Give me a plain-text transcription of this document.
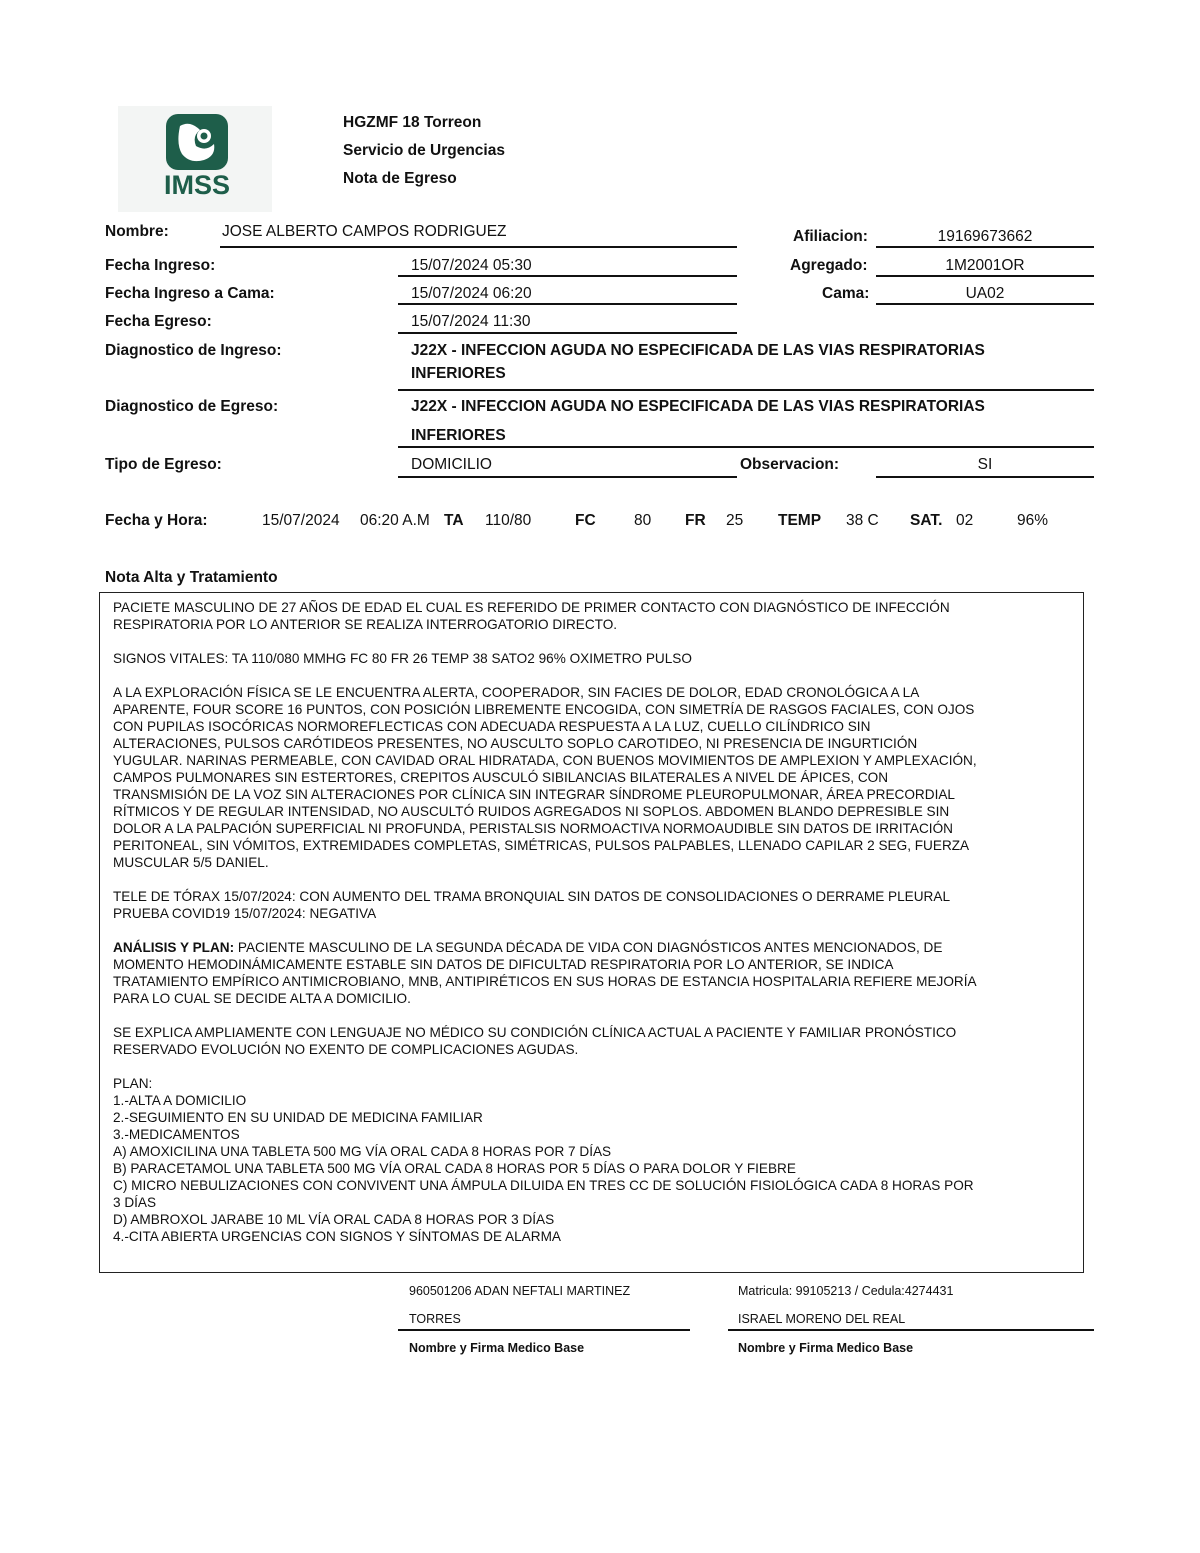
IMSS
HGZMF 18 Torreon
Servicio de Urgencias
Nota de Egreso
Nombre:	JOSE ALBERTO CAMPOS RODRIGUEZ	Afiliacion:	19169673662
Fecha Ingreso:	15/07/2024 05:30	Agregado:	1M2001OR
Fecha Ingreso a Cama:	15/07/2024 06:20	Cama:	UA02
Fecha Egreso:	15/07/2024 11:30
Diagnostico de Ingreso:	J22X - INFECCION AGUDA NO ESPECIFICADA DE LAS VIAS RESPIRATORIAS
INFERIORES
Diagnostico de Egreso:	J22X - INFECCION AGUDA NO ESPECIFICADA DE LAS VIAS RESPIRATORIAS
INFERIORES
Tipo de Egreso:	DOMICILIO	Observacion:	SI
Fecha y Hora:	15/07/2024 06:20 A.M TA 110/80	FC 80 FR 25 TEMP 38 C SAT. 02	96%
Nota Alta y Tratamiento

PACIETE MASCULINO DE 27 AÑOS DE EDAD EL CUAL ES REFERIDO DE PRIMER CONTACTO CON DIAGNÓSTICO DE INFECCIÓN
RESPIRATORIA POR LO ANTERIOR SE REALIZA INTERROGATORIO DIRECTO.

SIGNOS VITALES: TA 110/080 MMHG FC 80 FR 26 TEMP 38 SATO2 96% OXIMETRO PULSO

A LA EXPLORACIÓN FÍSICA SE LE ENCUENTRA ALERTA, COOPERADOR, SIN FACIES DE DOLOR, EDAD CRONOLÓGICA A LA
APARENTE, FOUR SCORE 16 PUNTOS, CON POSICIÓN LIBREMENTE ENCOGIDA, CON SIMETRÍA DE RASGOS FACIALES, CON OJOS
CON PUPILAS ISOCÓRICAS NORMOREFLECTICAS CON ADECUADA RESPUESTA A LA LUZ, CUELLO CILÍNDRICO SIN
ALTERACIONES, PULSOS CARÓTIDEOS PRESENTES, NO AUSCULTO SOPLO CAROTIDEO, NI PRESENCIA DE INGURTICIÓN
YUGULAR. NARINAS PERMEABLE, CON CAVIDAD ORAL HIDRATADA, CON BUENOS MOVIMIENTOS DE AMPLEXION Y AMPLEXACIÓN,
CAMPOS PULMONARES SIN ESTERTORES, CREPITOS AUSCULÓ SIBILANCIAS BILATERALES A NIVEL DE ÁPICES, CON
TRANSMISIÓN DE LA VOZ SIN ALTERACIONES POR CLÍNICA SIN INTEGRAR SÍNDROME PLEUROPULMONAR, ÁREA PRECORDIAL
RÍTMICOS Y DE REGULAR INTENSIDAD, NO AUSCULTÓ RUIDOS AGREGADOS NI SOPLOS. ABDOMEN BLANDO DEPRESIBLE SIN
DOLOR A LA PALPACIÓN SUPERFICIAL NI PROFUNDA, PERISTALSIS NORMOACTIVA NORMOAUDIBLE SIN DATOS DE IRRITACIÓN
PERITONEAL, SIN VÓMITOS, EXTREMIDADES COMPLETAS, SIMÉTRICAS, PULSOS PALPABLES, LLENADO CAPILAR 2 SEG, FUERZA
MUSCULAR 5/5 DANIEL.

TELE DE TÓRAX 15/07/2024: CON AUMENTO DEL TRAMA BRONQUIAL SIN DATOS DE CONSOLIDACIONES O DERRAME PLEURAL
PRUEBA COVID19 15/07/2024: NEGATIVA

ANÁLISIS Y PLAN: PACIENTE MASCULINO DE LA SEGUNDA DÉCADA DE VIDA CON DIAGNÓSTICOS ANTES MENCIONADOS, DE
MOMENTO HEMODINÁMICAMENTE ESTABLE SIN DATOS DE DIFICULTAD RESPIRATORIA POR LO ANTERIOR, SE INDICA
TRATAMIENTO EMPÍRICO ANTIMICROBIANO, MNB, ANTIPIRÉTICOS EN SUS HORAS DE ESTANCIA HOSPITALARIA REFIERE MEJORÍA
PARA LO CUAL SE DECIDE ALTA A DOMICILIO.

SE EXPLICA AMPLIAMENTE CON LENGUAJE NO MÉDICO SU CONDICIÓN CLÍNICA ACTUAL A PACIENTE Y FAMILIAR PRONÓSTICO
RESERVADO EVOLUCIÓN NO EXENTO DE COMPLICACIONES AGUDAS.

PLAN:
1.-ALTA A DOMICILIO
2.-SEGUIMIENTO EN SU UNIDAD DE MEDICINA FAMILIAR
3.-MEDICAMENTOS
A) AMOXICILINA UNA TABLETA 500 MG VÍA ORAL CADA 8 HORAS POR 7 DÍAS
B) PARACETAMOL UNA TABLETA 500 MG VÍA ORAL CADA 8 HORAS POR 5 DÍAS O PARA DOLOR Y FIEBRE
C) MICRO NEBULIZACIONES CON CONVIVENT UNA ÁMPULA DILUIDA EN TRES CC DE SOLUCIÓN FISIOLÓGICA CADA 8 HORAS POR
3 DÍAS
D) AMBROXOL JARABE 10 ML VÍA ORAL CADA 8 HORAS POR 3 DÍAS
4.-CITA ABIERTA URGENCIAS CON SIGNOS Y SÍNTOMAS DE ALARMA

960501206 ADAN NEFTALI MARTINEZ
TORRES
Nombre y Firma Medico Base
Matricula: 99105213 / Cedula:4274431
ISRAEL MORENO DEL REAL
Nombre y Firma Medico Base
